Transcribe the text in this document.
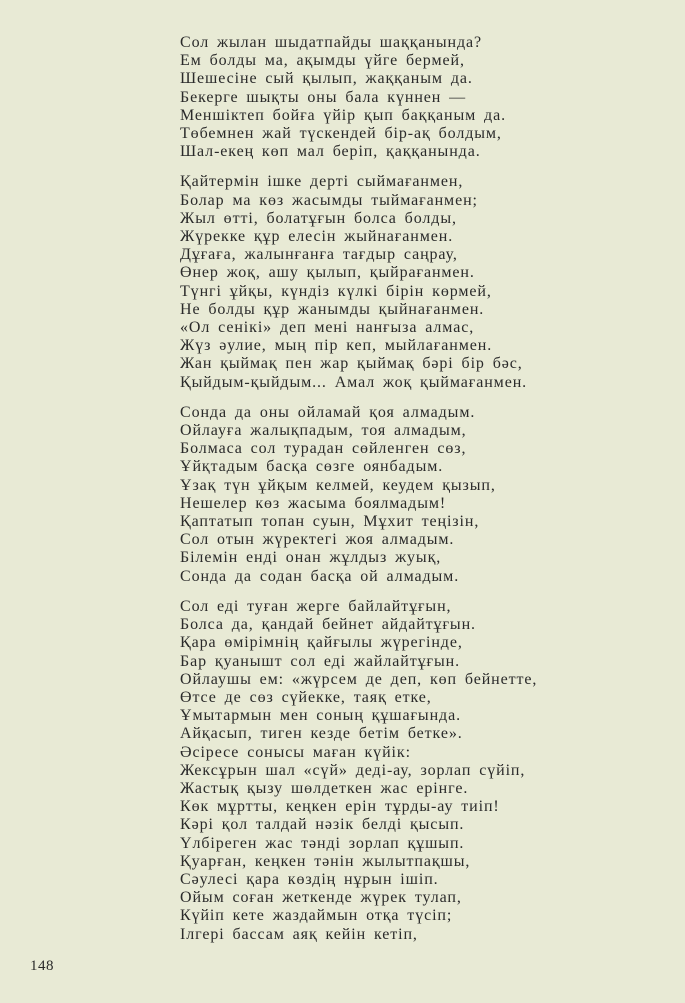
Сол жылан шыдатпайды шаққанында?
Ем болды ма, ақымды үйге бермей,
Шешесіне сый қылып, жаққаным да.
Бекерге шықты оны бала күннен —
Меншіктеп бойға үйір қып баққаным да.
Төбемнен жай түскендей бір-ақ болдым,
Шал-екең көп мал беріп, қаққанында.
Қайтермін ішке дерті сыймағанмен,
Болар ма көз жасымды тыймағанмен;
Жыл өтті, болатұғын болса болды,
Жүрекке құр елесін жыйнағанмен.
Дұғаға, жалынғанға тағдыр саңрау,
Өнер жоқ, ашу қылып, қыйрағанмен.
Түнгі ұйқы, күндіз күлкі бірін көрмей,
Не болды құр жанымды қыйнағанмен.
«Ол сенікі» деп мені нанғыза алмас,
Жүз әулие, мың пір кеп, мыйлағанмен.
Жан қыймақ пен жар қыймақ бәрі бір бәс,
Қыйдым-қыйдым... Амал жоқ қыймағанмен.
Сонда да оны ойламай қоя алмадым.
Ойлауға жалықпадым, тоя алмадым,
Болмаса сол турадан сөйленген сөз,
Ұйқтадым басқа сөзге оянбадым.
Ұзақ түн ұйқым келмей, кеудем қызып,
Нешелер көз жасыма боялмадым!
Қаптатып топан суын, Мұхит теңізін,
Сол отын жүректегі жоя алмадым.
Білемін енді онан жұлдыз жуық,
Сонда да содан басқа ой алмадым.
Сол еді туған жерге байлайтұғын,
Болса да, қандай бейнет айдайтұғын.
Қара өмірімнің қайғылы жүрегінде,
Бар қуанышт сол еді жайлайтұғын.
Ойлаушы ем: «жүрсем де деп, көп бейнетте,
Өтсе де сөз сүйекке, таяқ етке,
Ұмытармын мен соның құшағында.
Айқасып, тиген кезде бетім бетке».
Әсіресе сонысы маған күйік:
Жексұрын шал «сүй» деді-ау, зорлап сүйіп,
Жастық қызу шөлдеткен жас ерінге.
Көк мұртты, кеңкен ерін тұрды-ау тиіп!
Кәрі қол талдай нәзік белді қысып.
Үлбіреген жас тәнді зорлап құшып.
Қуарған, кеңкен тәнін жылытпақшы,
Сәулесі қара көздің нұрын ішіп.
Ойым соған жеткенде жүрек тулап,
Күйіп кете жаздаймын отқа түсіп;
Ілгері бассам аяқ кейін кетіп,
148
